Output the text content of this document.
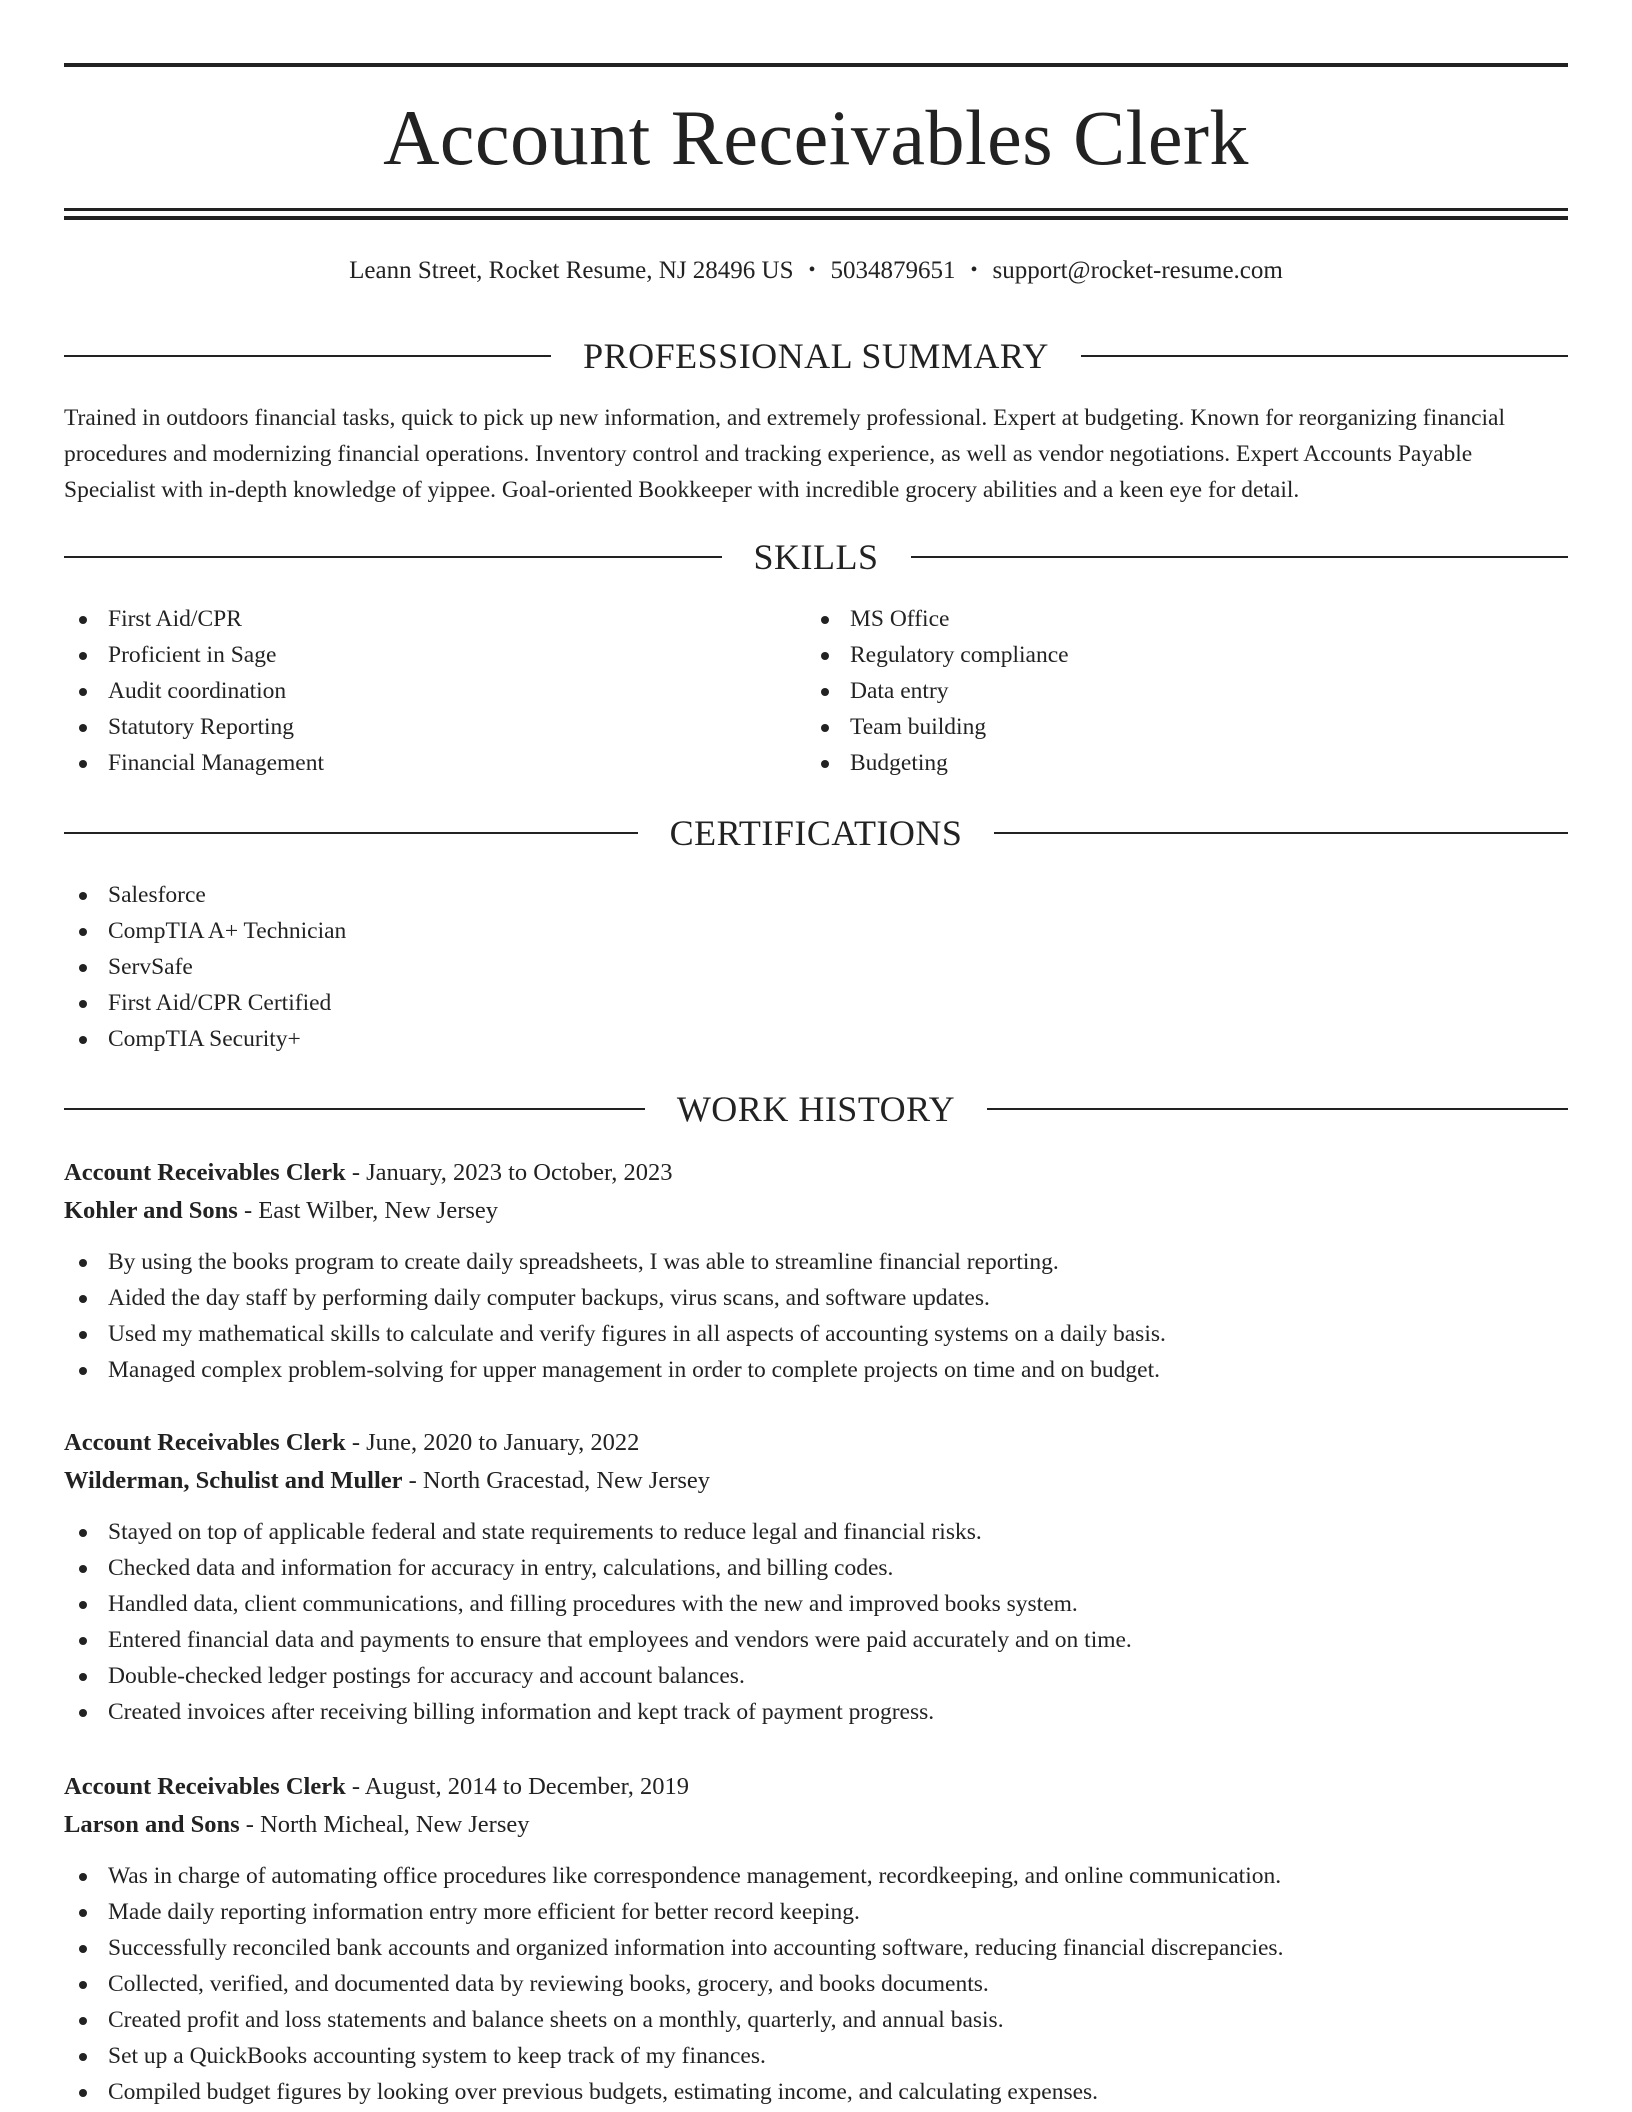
Account Receivables Clerk
Leann Street, Rocket Resume, NJ 28496 US • 5034879651 • support@rocket-resume.com
PROFESSIONAL SUMMARY

Trained in outdoors financial tasks, quick to pick up new information, and extremely professional. Expert at budgeting. Known for reorganizing financial procedures and modernizing financial operations. Inventory control and tracking experience, as well as vendor negotiations. Expert Accounts Payable Specialist with in-depth knowledge of yippee. Goal-oriented Bookkeeper with incredible grocery abilities and a keen eye for detail.

SKILLS
First Aid/CPR
Proficient in Sage
Audit coordination
Statutory Reporting
Financial Management
MS Office
Regulatory compliance
Data entry
Team building
Budgeting
CERTIFICATIONS
Salesforce
CompTIA A+ Technician
ServSafe
First Aid/CPR Certified
CompTIA Security+
WORK HISTORY
Account Receivables Clerk - January, 2023 to October, 2023
Kohler and Sons - East Wilber, New Jersey
By using the books program to create daily spreadsheets, I was able to streamline financial reporting.
Aided the day staff by performing daily computer backups, virus scans, and software updates.
Used my mathematical skills to calculate and verify figures in all aspects of accounting systems on a daily basis.
Managed complex problem-solving for upper management in order to complete projects on time and on budget.
Account Receivables Clerk - June, 2020 to January, 2022
Wilderman, Schulist and Muller - North Gracestad, New Jersey
Stayed on top of applicable federal and state requirements to reduce legal and financial risks.
Checked data and information for accuracy in entry, calculations, and billing codes.
Handled data, client communications, and filling procedures with the new and improved books system.
Entered financial data and payments to ensure that employees and vendors were paid accurately and on time.
Double-checked ledger postings for accuracy and account balances.
Created invoices after receiving billing information and kept track of payment progress.
Account Receivables Clerk - August, 2014 to December, 2019
Larson and Sons - North Micheal, New Jersey
Was in charge of automating office procedures like correspondence management, recordkeeping, and online communication.
Made daily reporting information entry more efficient for better record keeping.
Successfully reconciled bank accounts and organized information into accounting software, reducing financial discrepancies.
Collected, verified, and documented data by reviewing books, grocery, and books documents.
Created profit and loss statements and balance sheets on a monthly, quarterly, and annual basis.
Set up a QuickBooks accounting system to keep track of my finances.
Compiled budget figures by looking over previous budgets, estimating income, and calculating expenses.
